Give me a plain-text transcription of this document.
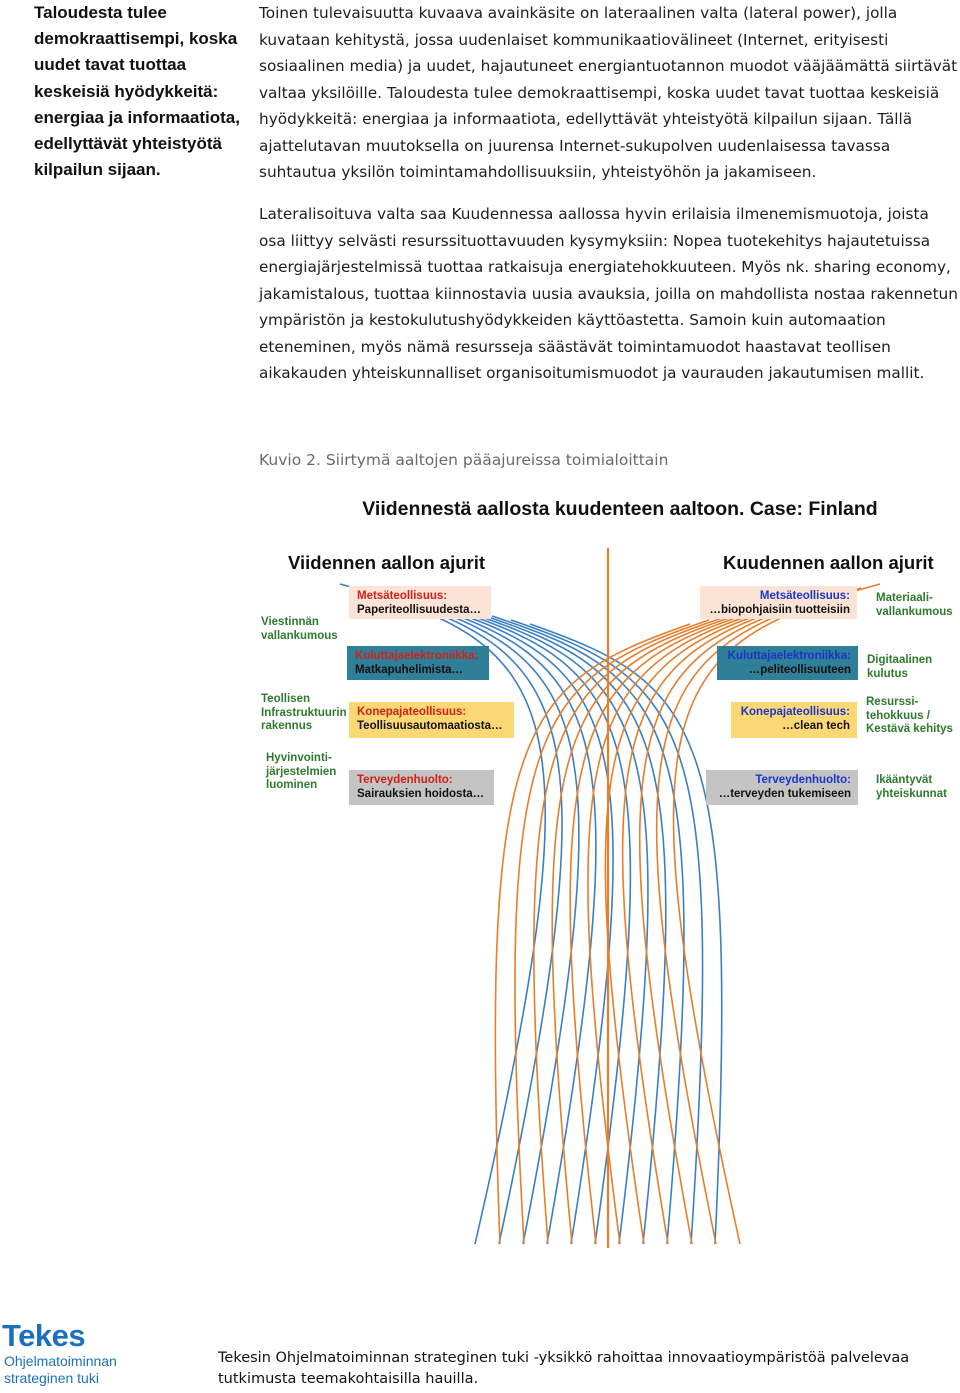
Taloudesta tulee demokraattisempi, koska uudet tavat tuottaa keskeisiä hyödykkeitä: energiaa ja informaatiota, edellyttävät yhteistyötä kilpailun sijaan.
Toinen tulevaisuutta kuvaava avainkäsite on lateraalinen valta (lateral power), jolla kuvataan kehitystä, jossa uudenlaiset kommunikaatiovälineet (Internet, erityisesti sosiaalinen media) ja uudet, hajautuneet energiantuotannon muodot vääjäämättä siirtävät valtaa yksilöille. Taloudesta tulee demokraattisempi, koska uudet tavat tuottaa keskeisiä hyödykkeitä: energiaa ja informaatiota, edellyttävät yhteistyötä kilpailun sijaan. Tällä ajattelutavan muutoksella on juurensa Internet-sukupolven uudenlaisessa tavassa suhtautua yksilön toimintamahdollisuuksiin, yhteistyöhön ja jakamiseen.
Lateralisoituva valta saa Kuudennessa aallossa hyvin erilaisia ilmenemismuotoja, joista osa liittyy selvästi resurssituottavuuden kysymyksiin: Nopea tuotekehitys hajautetuissa energiajärjestelmissä tuottaa ratkaisuja energiatehokkuuteen. Myös nk. sharing economy, jakamistalous, tuottaa kiinnostavia uusia avauksia, joilla on mahdollista nostaa rakennetun ympäristön ja kestokulutushyödykkeiden käyttöastetta. Samoin kuin automaation eteneminen, myös nämä resursseja säästävät toimintamuodot haastavat teollisen aikakauden yhteiskunnalliset organisoitumismuodot ja vaurauden jakautumisen mallit.
Kuvio 2. Siirtymä aaltojen pääajureissa toimialoittain
Viidennestä aallosta kuudenteen aaltoon. Case: Finland
Viidennen aallon ajurit	Kuudennen aallon ajurit
Viestinnän vallankumous
Teollisen Infrastruktuurin rakennus
Hyvinvointi-järjestelmien luominen
Materiaali-vallankumous
Digitaalinen kulutus
Resurssi-tehokkuus / Kestävä kehitys
Ikääntyvät yhteiskunnat
Metsäteollisuus:
Paperiteollisuudesta…
Kuluttajaelektroniikka:
Matkapuhelimista…
Konepajateollisuus:
Teollisuusautomaatiosta…
Terveydenhuolto:
Sairauksien hoidosta…
Metsäteollisuus:
…biopohjaisiin tuotteisiin
Kuluttajaelektroniikka:
…peliteollisuuteen
Konepajateollisuus:
…clean tech
Terveydenhuolto:
…terveyden tukemiseen
Tekes
Ohjelmatoiminnan
strateginen tuki
Tekesin Ohjelmatoiminnan strateginen tuki -yksikkö rahoittaa innovaatioympäristöä palvelevaa tutkimusta teemakohtaisilla hauilla.
